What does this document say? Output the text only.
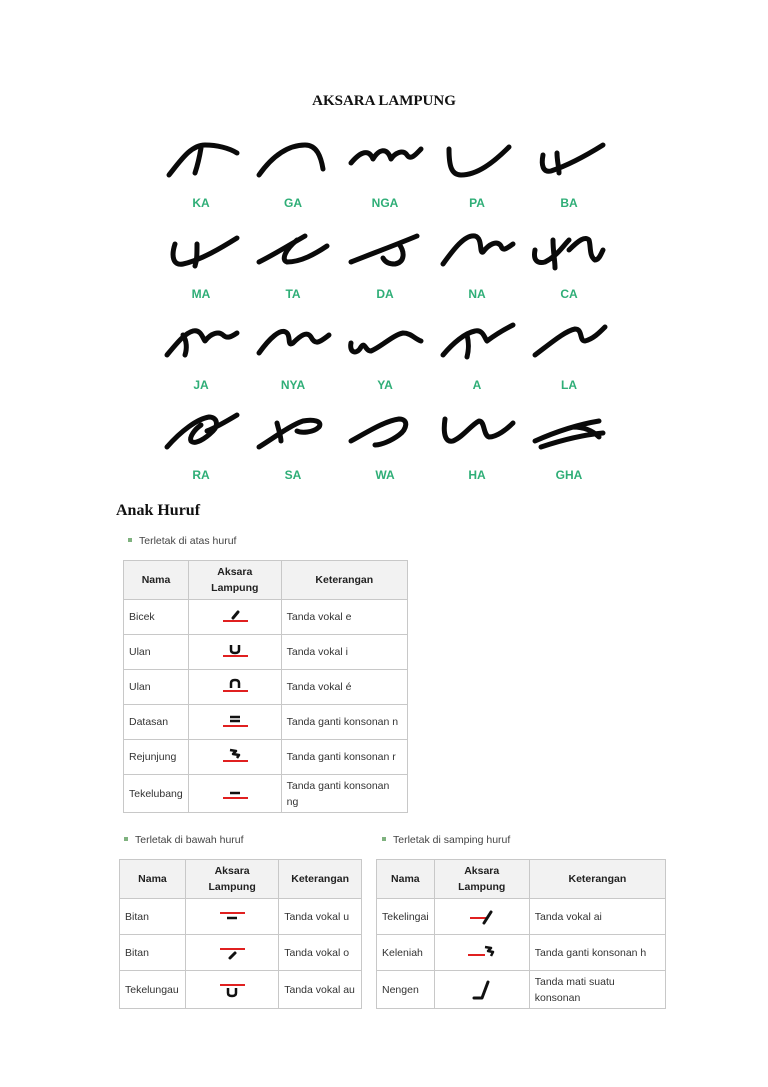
AKSARA LAMPUNG
KA	GA	NGA	PA	BA
MA	TA	DA	NA	CA
JA	NYA	YA	A	LA
RA	SA	WA	HA	GHA
Anak Huruf
Terletak di atas huruf
Nama	Aksara Lampung	Keterangan
Bicek		Tanda vokal e
Ulan		Tanda vokal i
Ulan		Tanda vokal é
Datasan		Tanda ganti konsonan n
Rejunjung		Tanda ganti konsonan r
Tekelubang		Tanda ganti konsonan ng
Terletak di bawah huruf	Terletak di samping huruf
Nama	Aksara Lampung	Keterangan
Bitan		Tanda vokal u
Bitan		Tanda vokal o
Tekelungau		Tanda vokal au
Nama	Aksara Lampung	Keterangan
Tekelingai		Tanda vokal ai
Keleniah		Tanda ganti konsonan h
Nengen		Tanda mati suatu konsonan
